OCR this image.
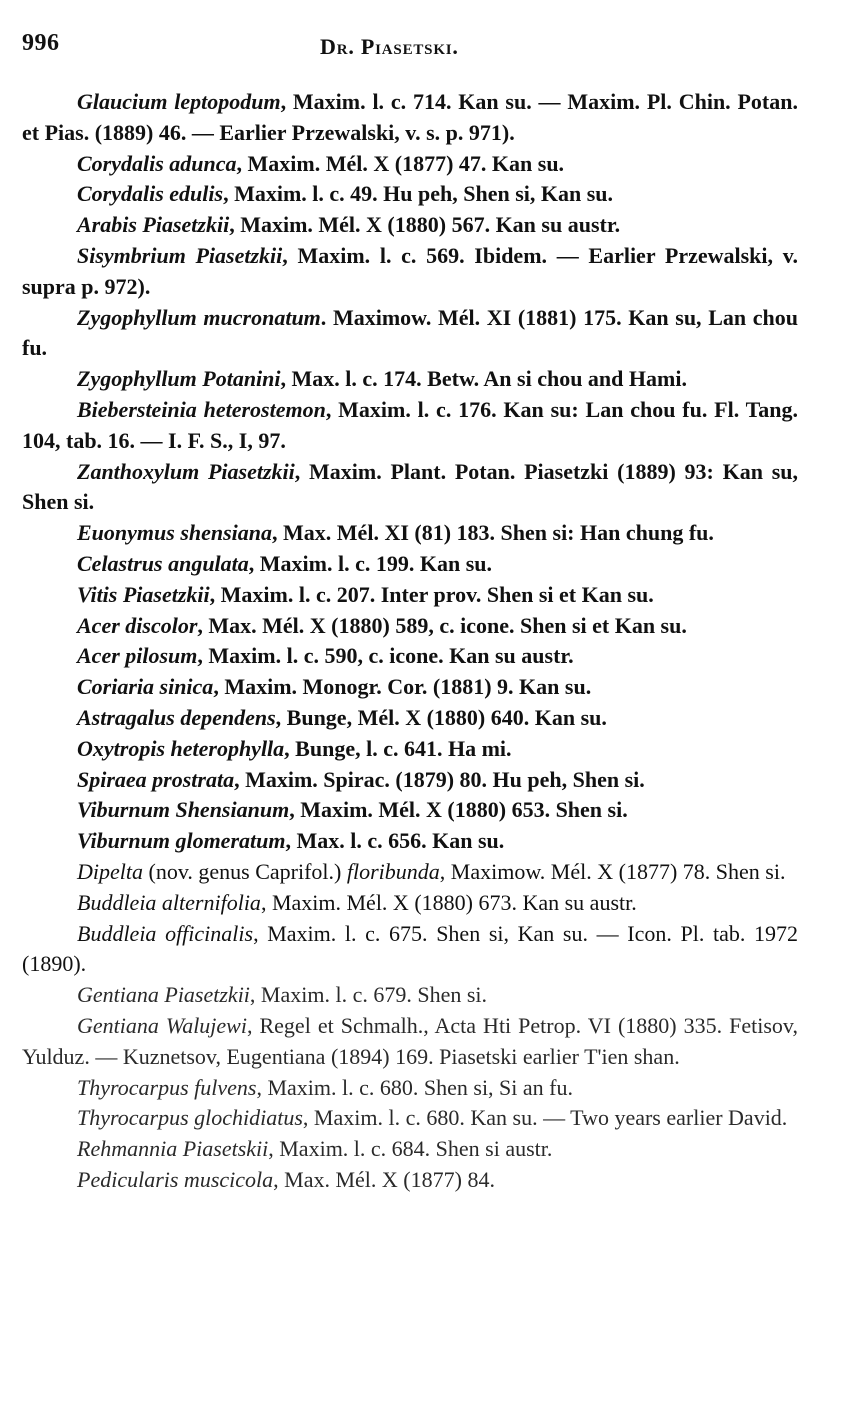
996	Dr. Piasetski.

Glaucium leptopodum, Maxim. l. c. 714. Kan su. — Maxim. Pl. Chin. Potan. et Pias. (1889) 46. — Earlier Przewalski, v. s. p. 971).

Corydalis adunca, Maxim. Mél. X (1877) 47. Kan su.

Corydalis edulis, Maxim. l. c. 49. Hu peh, Shen si, Kan su.

Arabis Piasetzkii, Maxim. Mél. X (1880) 567. Kan su austr.

Sisymbrium Piasetzkii, Maxim. l. c. 569. Ibidem. — Earlier Przewalski, v. supra p. 972).

Zygophyllum mucronatum. Maximow. Mél. XI (1881) 175. Kan su, Lan chou fu.

Zygophyllum Potanini, Max. l. c. 174. Betw. An si chou and Hami.

Biebersteinia heterostemon, Maxim. l. c. 176. Kan su: Lan chou fu. Fl. Tang. 104, tab. 16. — I. F. S., I, 97.

Zanthoxylum Piasetzkii, Maxim. Plant. Potan. Piasetzki (1889) 93: Kan su, Shen si.

Euonymus shensiana, Max. Mél. XI (81) 183. Shen si: Han chung fu.

Celastrus angulata, Maxim. l. c. 199. Kan su.

Vitis Piasetzkii, Maxim. l. c. 207. Inter prov. Shen si et Kan su.

Acer discolor, Max. Mél. X (1880) 589, c. icone. Shen si et Kan su.

Acer pilosum, Maxim. l. c. 590, c. icone. Kan su austr.

Coriaria sinica, Maxim. Monogr. Cor. (1881) 9. Kan su.

Astragalus dependens, Bunge, Mél. X (1880) 640. Kan su.

Oxytropis heterophylla, Bunge, l. c. 641. Ha mi.

Spiraea prostrata, Maxim. Spirac. (1879) 80. Hu peh, Shen si.

Viburnum Shensianum, Maxim. Mél. X (1880) 653. Shen si.

Viburnum glomeratum, Max. l. c. 656. Kan su.

Dipelta (nov. genus Caprifol.) floribunda, Maximow. Mél. X (1877) 78. Shen si.

Buddleia alternifolia, Maxim. Mél. X (1880) 673. Kan su austr.

Buddleia officinalis, Maxim. l. c. 675. Shen si, Kan su. — Icon. Pl. tab. 1972 (1890).

Gentiana Piasetzkii, Maxim. l. c. 679. Shen si.

Gentiana Walujewi, Regel et Schmalh., Acta Hti Petrop. VI (1880) 335. Fetisov, Yulduz. — Kuznetsov, Eugentiana (1894) 169. Piasetski earlier T'ien shan.

Thyrocarpus fulvens, Maxim. l. c. 680. Shen si, Si an fu.

Thyrocarpus glochidiatus, Maxim. l. c. 680. Kan su. — Two years earlier David.

Rehmannia Piasetskii, Maxim. l. c. 684. Shen si austr.

Pedicularis muscicola, Max. Mél. X (1877) 84.
